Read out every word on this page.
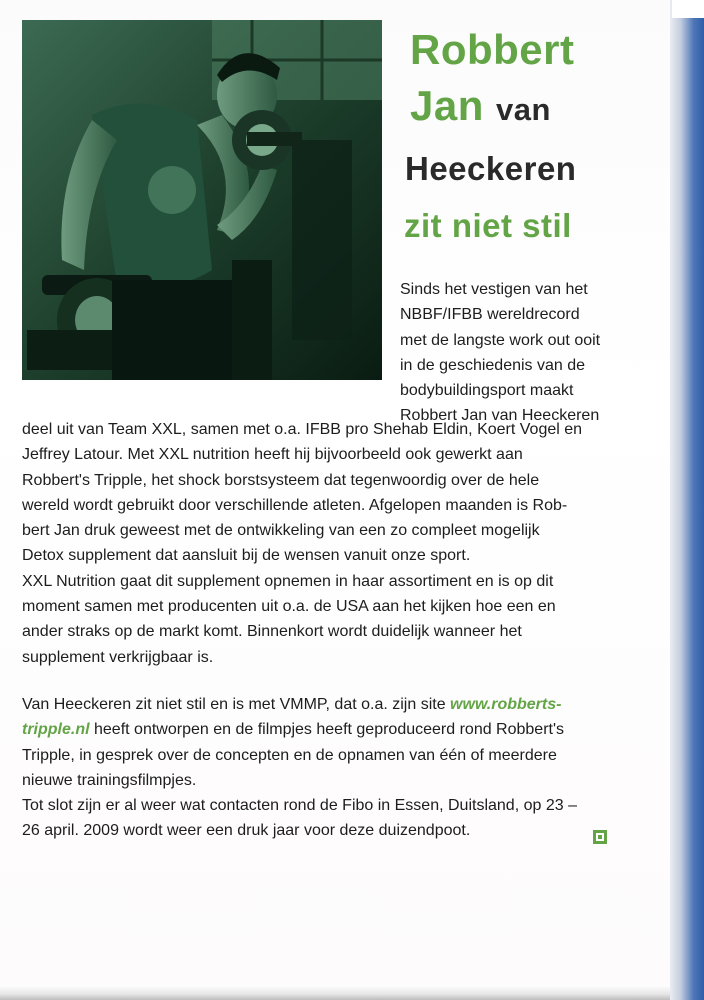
Robbert
Jan van
Heeckeren
zit niet stil
Sinds het vestigen van het
NBBF/IFBB wereldrecord
met de langste work out ooit
in de geschiedenis van de
bodybuildingsport maakt
Robbert Jan van Heeckeren
deel uit van Team XXL, samen met o.a. IFBB pro Shehab Eldin, Koert Vogel en
Jeffrey Latour. Met XXL nutrition heeft hij bijvoorbeeld ook gewerkt aan
Robbert's Tripple, het shock borstsysteem dat tegenwoordig over de hele
wereld wordt gebruikt door verschillende atleten. Afgelopen maanden is Rob-
bert Jan druk geweest met de ontwikkeling van een zo compleet mogelijk
Detox supplement dat aansluit bij de wensen vanuit onze sport.
XXL Nutrition gaat dit supplement opnemen in haar assortiment en is op dit
moment samen met producenten uit o.a. de USA aan het kijken hoe een en
ander straks op de markt komt. Binnenkort wordt duidelijk wanneer het
supplement verkrijgbaar is.
Van Heeckeren zit niet stil en is met VMMP, dat o.a. zijn site www.robberts-
tripple.nl heeft ontworpen en de filmpjes heeft geproduceerd rond Robbert's
Tripple, in gesprek over de concepten en de opnamen van één of meerdere
nieuwe trainingsfilmpjes.
Tot slot zijn er al weer wat contacten rond de Fibo in Essen, Duitsland, op 23 –
26 april. 2009 wordt weer een druk jaar voor deze duizendpoot.
